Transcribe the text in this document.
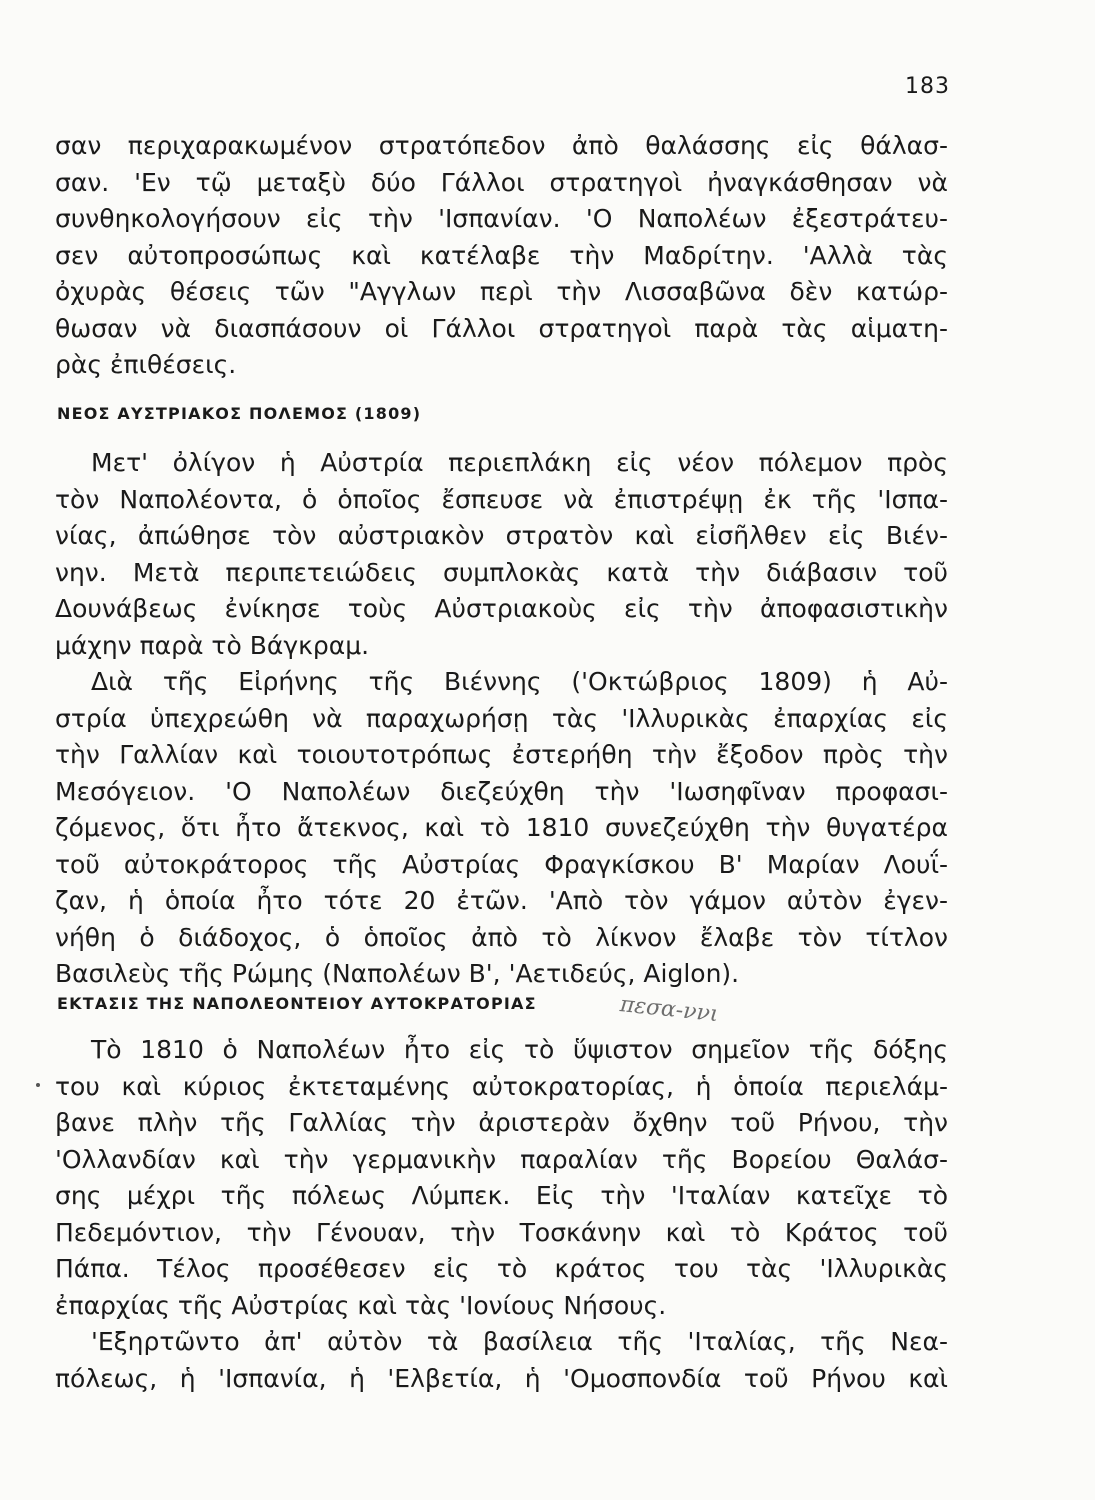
183
σαν περιχαρακωμένον στρατόπεδον ἀπὸ θαλάσσης εἰς θάλασ-
σαν. 'Εν τῷ μεταξὺ δύο Γάλλοι στρατηγοὶ ἠναγκάσθησαν νὰ
συνθηκολογήσουν εἰς τὴν 'Ισπανίαν. 'Ο Ναπολέων ἐξεστράτευ-
σεν αὐτοπροσώπως καὶ κατέλαβε τὴν Μαδρίτην. 'Αλλὰ τὰς
ὀχυρὰς θέσεις τῶν "Αγγλων περὶ τὴν Λισσαβῶνα δὲν κατώρ-
θωσαν νὰ διασπάσουν οἱ Γάλλοι στρατηγοὶ παρὰ τὰς αἱματη-
ρὰς ἐπιθέσεις.
ΝΕΟΣ ΑΥΣΤΡΙΑΚΟΣ ΠΟΛΕΜΟΣ (1809)
Μετ' ὀλίγον ἡ Αὐστρία περιεπλάκη εἰς νέον πόλεμον πρὸς
τὸν Ναπολέοντα, ὁ ὁποῖος ἔσπευσε νὰ ἐπιστρέψῃ ἐκ τῆς 'Ισπα-
νίας, ἀπώθησε τὸν αὐστριακὸν στρατὸν καὶ εἰσῆλθεν εἰς Βιέν-
νην. Μετὰ περιπετειώδεις συμπλοκὰς κατὰ τὴν διάβασιν τοῦ
Δουνάβεως ἐνίκησε τοὺς Αὐστριακοὺς εἰς τὴν ἀποφασιστικὴν
μάχην παρὰ τὸ Βάγκραμ.
Διὰ τῆς Εἰρήνης τῆς Βιέννης ('Οκτώβριος 1809) ἡ Αὐ-
στρία ὑπεχρεώθη νὰ παραχωρήσῃ τὰς 'Ιλλυρικὰς ἐπαρχίας εἰς
τὴν Γαλλίαν καὶ τοιουτοτρόπως ἐστερήθη τὴν ἔξοδον πρὸς τὴν
Μεσόγειον. 'Ο Ναπολέων διεζεύχθη τὴν 'Ιωσηφῖναν προφασι-
ζόμενος, ὅτι ἦτο ἄτεκνος, καὶ τὸ 1810 συνεζεύχθη τὴν θυγατέρα
τοῦ αὐτοκράτορος τῆς Αὐστρίας Φραγκίσκου Β' Μαρίαν Λουΐ-
ζαν, ἡ ὁποία ἦτο τότε 20 ἐτῶν. 'Απὸ τὸν γάμον αὐτὸν ἐγεν-
νήθη ὁ διάδοχος, ὁ ὁποῖος ἀπὸ τὸ λίκνον ἔλαβε τὸν τίτλον
Βασιλεὺς τῆς Ρώμης (Ναπολέων Β', 'Αετιδεύς, Aiglon).
ΕΚΤΑΣΙΣ ΤΗΣ ΝΑΠΟΛΕΟΝΤΕΙΟΥ ΑΥΤΟΚΡΑΤΟΡΙΑΣ	πεσα-ννι
Τὸ 1810 ὁ Ναπολέων ἦτο εἰς τὸ ὕψιστον σημεῖον τῆς δόξης
του καὶ κύριος ἐκτεταμένης αὐτοκρατορίας, ἡ ὁποία περιελάμ-
βανε πλὴν τῆς Γαλλίας τὴν ἀριστερὰν ὄχθην τοῦ Ρήνου, τὴν
'Ολλανδίαν καὶ τὴν γερμανικὴν παραλίαν τῆς Βορείου Θαλάσ-
σης μέχρι τῆς πόλεως Λύμπεκ. Εἰς τὴν 'Ιταλίαν κατεῖχε τὸ
Πεδεμόντιον, τὴν Γένουαν, τὴν Τοσκάνην καὶ τὸ Κράτος τοῦ
Πάπα. Τέλος προσέθεσεν εἰς τὸ κράτος του τὰς 'Ιλλυρικὰς
ἐπαρχίας τῆς Αὐστρίας καὶ τὰς 'Ιονίους Νήσους.
'Εξηρτῶντο ἀπ' αὐτὸν τὰ βασίλεια τῆς 'Ιταλίας, τῆς Νεα-
πόλεως, ἡ 'Ισπανία, ἡ 'Ελβετία, ἡ 'Ομοσπονδία τοῦ Ρήνου καὶ
